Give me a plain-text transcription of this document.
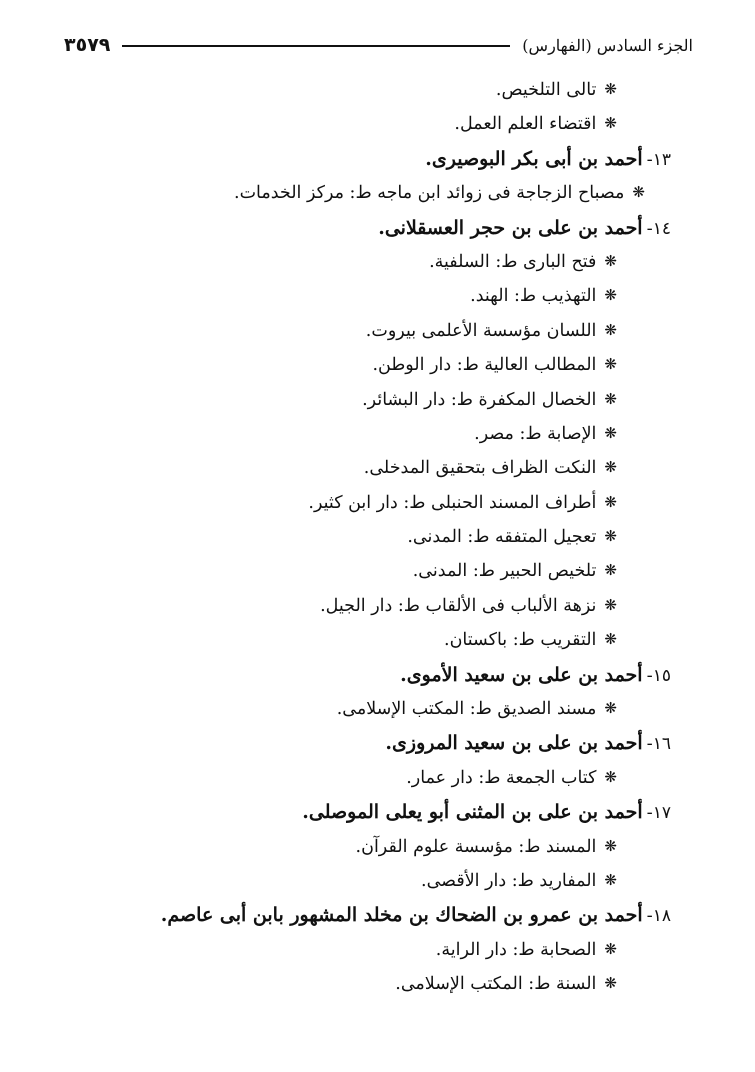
٣٥٧٩	الجزء السادس (الفهارس)
❋تالى التلخيص.
❋اقتضاء العلم العمل.
١٣-أحمد بن أبى بكر البوصيرى.
❋مصباح الزجاجة فى زوائد ابن ماجه ط: مركز الخدمات.
١٤-أحمد بن على بن حجر العسقلانى.
❋فتح البارى ط: السلفية.
❋التهذيب ط: الهند.
❋اللسان مؤسسة الأعلمى بيروت.
❋المطالب العالية ط: دار الوطن.
❋الخصال المكفرة ط: دار البشائر.
❋الإصابة ط: مصر.
❋النكت الظراف بتحقيق المدخلى.
❋أطراف المسند الحنبلى ط: دار ابن كثير.
❋تعجيل المتفقه ط: المدنى.
❋تلخيص الحبير ط: المدنى.
❋نزهة الألباب فى الألقاب ط: دار الجيل.
❋التقريب ط: باكستان.
١٥-أحمد بن على بن سعيد الأموى.
❋مسند الصديق ط: المكتب الإسلامى.
١٦-أحمد بن على بن سعيد المروزى.
❋كتاب الجمعة ط: دار عمار.
١٧-أحمد بن على بن المثنى أبو يعلى الموصلى.
❋المسند ط: مؤسسة علوم القرآن.
❋المفاريد ط: دار الأقصى.
١٨-أحمد بن عمرو بن الضحاك بن مخلد المشهور بابن أبى عاصم.
❋الصحابة ط: دار الراية.
❋السنة ط: المكتب الإسلامى.
